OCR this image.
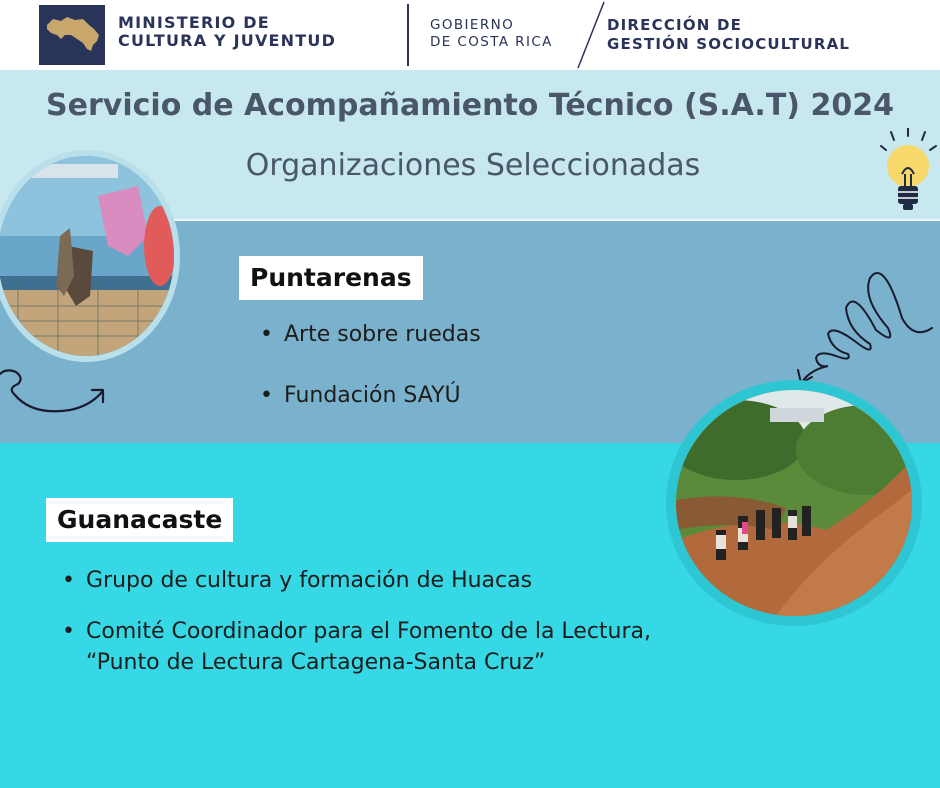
MINISTERIO DE
CULTURA Y JUVENTUD
GOBIERNO
DE COSTA RICA
DIRECCIÓN DE
GESTIÓN SOCIOCULTURAL
Servicio de Acompañamiento Técnico (S.A.T) 2024
Organizaciones Seleccionadas
Puntarenas
• Arte sobre ruedas
• Fundación SAYÚ
Guanacaste
• Grupo de cultura y formación de Huacas
• Comité Coordinador para el Fomento de la Lectura,
“Punto de Lectura Cartagena-Santa Cruz”
